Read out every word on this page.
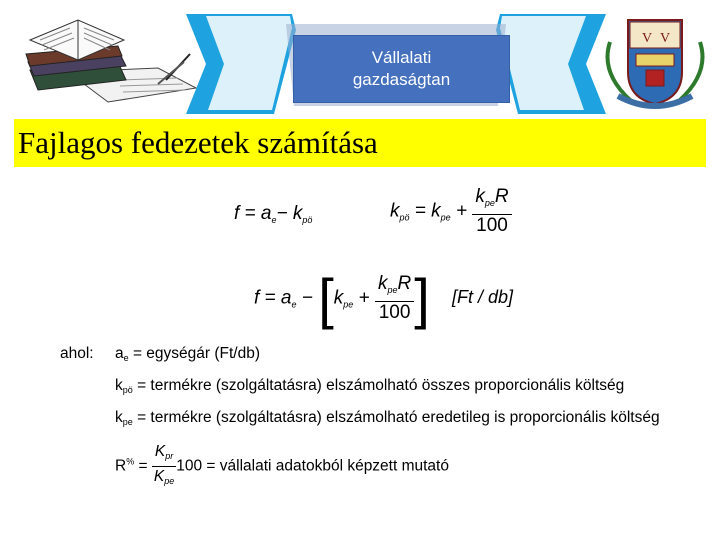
Vállalati
gazdaságtan
V V
Fajlagos fedezetek számítása
$f = a_e- k_{pö}$	$k_{pö} = k_{pe} + \frac{k_{pe}R}{100}$
$f = a_e - [k_{pe} + \frac{k_{pe}R}{100}$ ] [Ft / db]
ahol: ae = egységár (Ft/db)
kpö = termékre (szolgáltatásra) elszámolható összes proporcionális költség
kpe = termékre (szolgáltatásra) elszámolható eredetileg is proporcionális költség
$R^{\%} = \frac{\text{Kpr}}{\text{Kpe}} 100$ = vállalati adatokból képzett mutató
